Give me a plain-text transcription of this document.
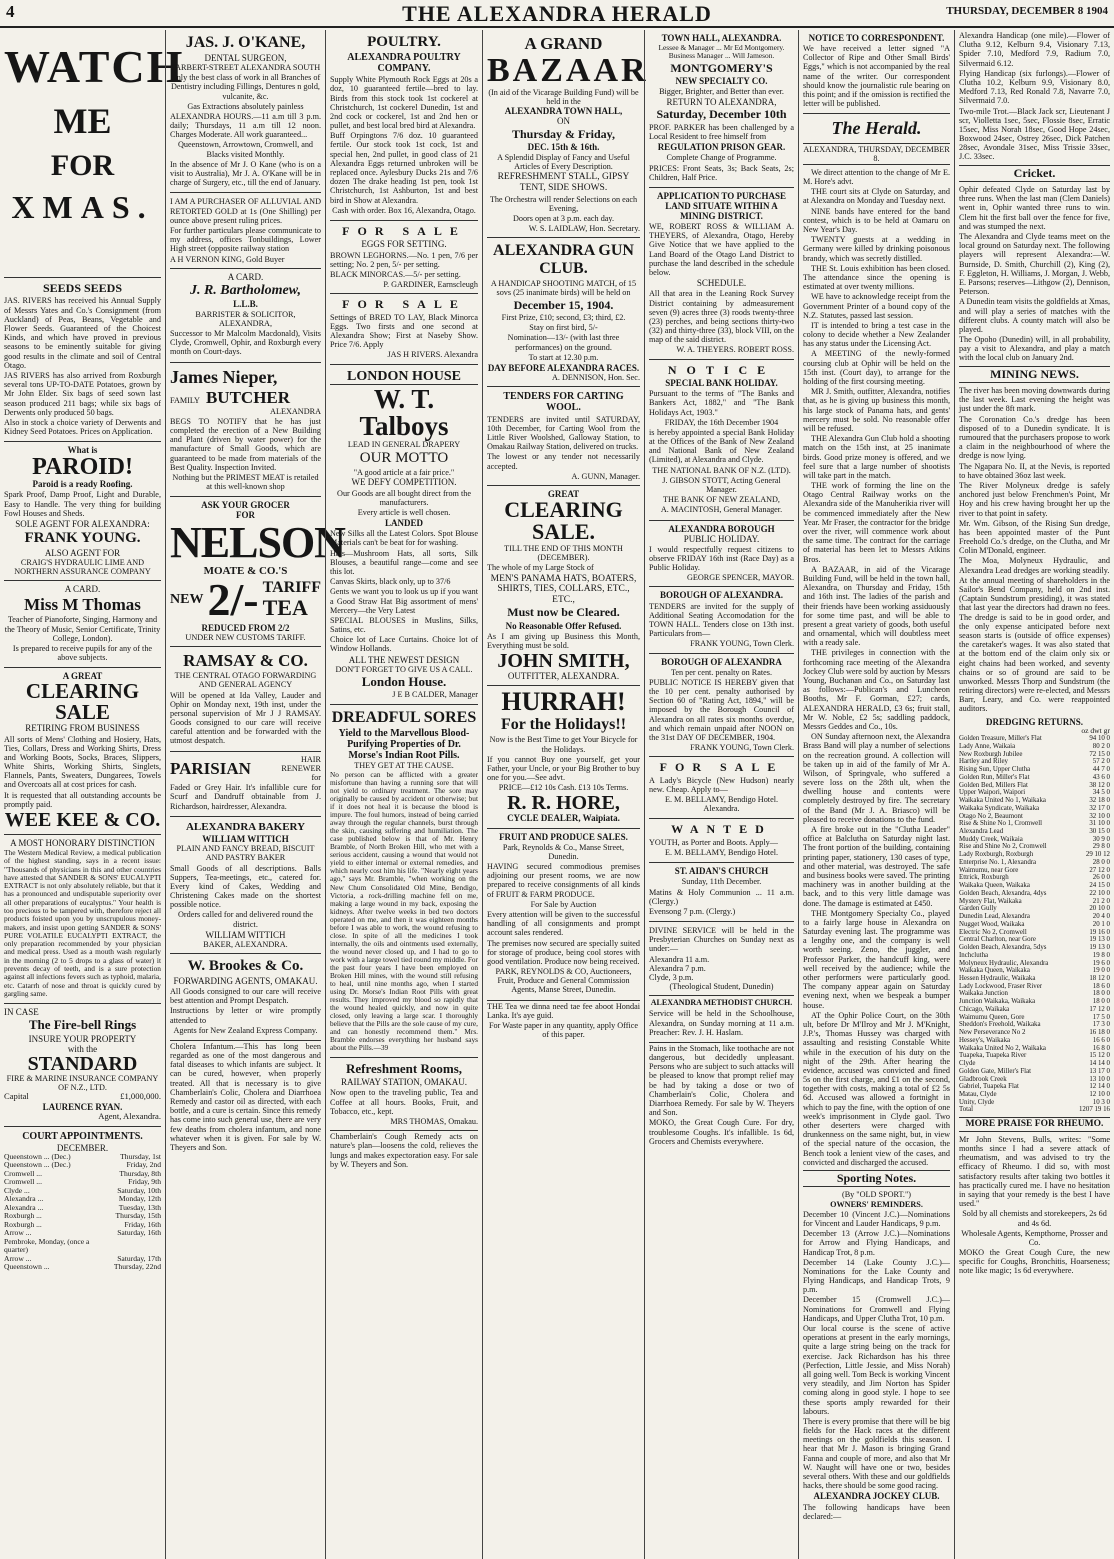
4	THE ALEXANDRA HERALD	THURSDAY, DECEMBER 8 1904
WATCH
ME
FOR
XMAS.
SEEDS SEEDS

JAS. RIVERS has received his Annual Supply of Messrs Yates and Co.'s Consignment (from Auckland) of Peas, Beans, Vegetable and Flower Seeds. Guaranteed of the Choicest Kinds, and which have proved in previous seasons to be eminently suitable for giving good results in the climate and soil of Central Otago.

JAS RIVERS has also arrived from Roxburgh several tons UP-TO-DATE Potatoes, grown by Mr John Elder. Six bags of seed sown last season produced 211 bags; while six bags of Derwents only produced 50 bags.

Also in stock a choice variety of Derwents and Kidney Seed Potatoes. Prices on Application.

What is
PAROID!
Paroid is a ready Roofing.

Spark Proof, Damp Proof, Light and Durable, Easy to Handle. The very thing for building Fowl Houses and Sheds.

SOLE AGENT FOR ALEXANDRA:
FRANK YOUNG.
ALSO AGENT FOR
CRAIG'S HYDRAULIC LIME AND NORTHERN ASSURANCE COMPANY
A CARD.
Miss M Thomas

Teacher of Pianoforte, Singing, Harmony and the Theory of Music, Senior Certificate, Trinity College, London).

Is prepared to receive pupils for any of the above subjects.

A GREAT
CLEARING SALE
RETIRING FROM BUSINESS

All sorts of Mens' Clothing and Hosiery, Hats, Ties, Collars, Dress and Working Shirts, Dress and Working Boots, Socks, Braces, Slippers, White Shirts, Working Shirts, Singlets, Flannels, Pants, Sweaters, Dungarees, Towels and Overcoats all at cost prices for cash.

It is requested that all outstanding accounts be promptly paid.

WEE KEE & CO.
A MOST HONORARY DISTINCTION

The Western Medical Review, a medical publication of the highest standing, says in a recent issue: "Thousands of physicians in this and other countries have attested that SANDER & SONS' EUCALYPTI EXTRACT is not only absolutely reliable, but that it has a pronounced and undisputable superiority over all other preparations of eucalyptus." Your health is too precious to be tampered with, therefore reject all products foisted upon you by unscrupulous money-makers, and insist upon getting SANDER & SONS' PURE VOLATILE EUCALYPTI EXTRACT, the only preparation recommended by your physician and medical press. Used as a mouth wash regularly in the morning (2 to 5 drops to a glass of water) it prevents decay of teeth, and is a sure protection against all infections fevers such as typhoid, malaria, etc. Catarrh of nose and throat is quickly cured by gargling same.

IN CASE
The Fire-bell Rings
INSURE YOUR PROPERTY
with the
STANDARD
FIRE & MARINE INSURANCE COMPANY OF N.Z., LTD.
Capital	£1,000,000.
LAURENCE RYAN.
Agent, Alexandra.
COURT APPOINTMENTS.
DECEMBER.
Queenstown ... (Dec.)	Thursday, 1st
Queenstown ... (Dec.)	Friday, 2nd
Cromwell ...	Thursday, 8th
Cromwell ...	Friday, 9th
Clyde ...	Saturday, 10th
Alexandra ...	Monday, 12th
Alexandra ...	Tuesday, 13th
Roxburgh ...	Thursday, 15th
Roxburgh ...	Friday, 16th
Arrow ...	Saturday, 16th
Pembroke, Monday, (once a quarter)	
Arrow ...	Saturday, 17th
Queenstown ...	Thursday, 22nd
JAS. J. O'KANE,
DENTAL SURGEON,
TARBERT-STREET ALEXANDRA SOUTH

Only the best class of work in all Branches of Dentistry including Fillings, Dentures n gold, vulcanite, &c.

Gas Extractions absolutely painless

ALEXANDRA HOURS.—11 a.m till 3 p.m. daily; Thursdays, 11 a.m till 12 noon. Charges Moderate. All work guaranteed...

Queenstown, Arrowtown, Cromwell, and Blacks visited Monthly.

In the absence of Mr J. O Kane (who is on a visit to Australia), Mr J. A. O'Kane will be in charge of Surgery, etc., till the end of January.

I AM A PURCHASER OF ALLUVIAL AND RETORTED GOLD at 1s (One Shilling) per ounce above present ruling prices.

For further particulars please communicate to my address, offices Tonbuildings, Lower High street (opposite railway station

A H VERNON KING, Gold Buyer
A CARD.
J. R. Bartholomew,
L.L.B.
BARRISTER & SOLICITOR, ALEXANDRA,

Successor to Mr Malcolm Macdonald), Visits Clyde, Cromwell, Ophir, and Roxburgh every month on Court-days.

James Nieper,
FAMILY BUTCHER
ALEXANDRA

BEGS TO NOTIFY that he has just completed the erection of a New Building and Plant (driven by water power) for the manufacture of Small Goods, which are guaranteed to be made from materials of the Best Quality. Inspection Invited.

Nothing but the PRIMEST MEAT is retailed at this well-known shop

ASK YOUR GROCER
FOR
NELSON
MOATE & CO.'S
NEW 2/- TARIFF
TEA
REDUCED FROM 2/2
UNDER NEW CUSTOMS TARIFF.
RAMSAY & CO.
THE CENTRAL OTAGO FORWARDING AND GENERAL AGENCY

Will be opened at Ida Valley, Lauder and Ophir on Monday next, 19th inst, under the personal supervision of Mr J J RAMSAY. Goods consigned to our care will receive careful attention and be forwarded with the utmost despatch.

PARISIAN	HAIR RENEWER for

Faded or Grey Hair. It's infallible cure for Scurf and Dandruff obtainable from J. Richardson, hairdresser, Alexandra.

ALEXANDRA BAKERY
WILLIAM WITTICH
PLAIN AND FANCY BREAD, BISCUIT AND PASTRY BAKER

Small Goods of all descriptions. Balls Suppers, Tea-meetings, etc., catered for. Every kind of Cakes, Wedding and Christening Cakes made on the shortest possible notice.

Orders called for and delivered round the district.

WILLIAM WITTICH
BAKER, ALEXANDRA.
W. Brookes & Co.
FORWARDING AGENTS, OMAKAU.

All Goods consigned to our care will receive best attention and Prompt Despatch.

Instructions by letter or wire promptly attended to

Agents for New Zealand Express Company.

Cholera Infantum.—This has long been regarded as one of the most dangerous and fatal diseases to which infants are subject. It can be cured, however, when properly treated. All that is necessary is to give Chamberlain's Colic, Cholera and Diarrhoea Remedy and castor oil as directed, with each bottle, and a cure is certain. Since this remedy has come into such general use, there are very few deaths from cholera infantum, and none whatever when it is given. For sale by W. Theyers and Son.

POULTRY.
ALEXANDRA POULTRY COMPANY.

Supply White Plymouth Rock Eggs at 20s a doz, 10 guaranteed fertile—bred to lay. Birds from this stock took 1st cockerel at Christchurch, 1st cockerel Dunedin, 1st and 2nd cock or cockerel, 1st and 2nd hen or pullet, and best local bred bird at Alexandra.

Buff Orpingtons 7/6 doz. 10 guaranteed fertile. Our stock took 1st cock, 1st and special hen, 2nd pullet, in good class of 21 Alexandra Eggs returned unbroken will be replaced once. Aylesbury Ducks 21s and 7/6 dozen The drake heading 1st pen, took 1st Christchurch, 1st Ashburton, 1st and best bird in Show at Alexandra.

Cash with order. Box 16, Alexandra, Otago.

FOR SALE
EGGS FOR SETTING.

BROWN LEGHORNS.—No. 1 pen, 7/6 per setting; No. 2 pen, 5/- per setting.

BLACK MINORCAS.—5/- per setting.

P. GARDINER, Earnscleugh
FOR SALE

Settings of BRED TO LAY, Black Minorca Eggs. Two firsts and one second at Alexandra Show; First at Naseby Show. Price 7/6. Apply

JAS H RIVERS. Alexandra
LONDON HOUSE
W. T. Talboys
LEAD IN GENERAL DRAPERY
OUR MOTTO
"A good article at a fair price."
WE DEFY COMPETITION.

Our Goods are all bought direct from the manufacturers.

Every article is well chosen.

LANDED

New Silks all the Latest Colors. Spot Blouse Materials can't be beat for for washing.

Hats—Mushroom Hats, all sorts, Silk Blouses, a beautiful range—come and see this lot.

Canvas Skirts, black only, up to 37/6

Gents we want you to look us up if you want a Good Straw Hat Big assortment of mens' Mercery—the Very Latest

SPECIAL BLOUSES in Muslins, Silks, Satins, etc.

Choice lot of Lace Curtains. Choice lot of Window Hollands.

ALL THE NEWEST DESIGN
DON'T FORGET TO GIVE US A CALL.
London House.
J E B CALDER, Manager
DREADFUL SORES
Yield to the Marvellous Blood-Purifying Properties of Dr. Morse's Indian Root Pills.
THEY GET AT THE CAUSE.

No person can be afflicted with a greater misfortune than having a running sore that will not yield to ordinary treatment. The sore may originally be caused by accident or otherwise; but if it does not heal it is because the blood is impure. The foul humors, instead of being carried away through the regular channels, burst through the skin, causing suffering and humiliation. The case published below is that of Mr. Henry Bramble, of North Broken Hill, who met with a serious accident, causing a wound that would not yield to either internal or external remedies, and which nearly cost him his life. "Nearly eight years ago," says Mr. Bramble, "when working on the New Chum Consolidated Old Mine, Bendigo, Victoria, a rock-drilling machine fell on me, making a large wound in my back, exposing the kidneys. After twelve weeks in bed two doctors operated on me, and then it was eighteen months before I was able to work, the wound refusing to close. In spite of all the medicines I took internally, the oils and ointments used externally, the wound never closed up, and I had to go to work with a large towel tied round my middle. For the past four years I have been employed on Broken Hill mines, with the wound still refusing to heal, until nine months ago, when I started using Dr. Morse's Indian Root Pills with great results. They improved my blood so rapidly that the wound healed quickly, and now in quite closed, only leaving a large scar. I thoroughly believe that the Pills are the sole cause of my cure, and can honestly recommend them." Mrs. Bramble endorses everything her husband says about the Pills.—39

Refreshment Rooms,
RAILWAY STATION, OMAKAU.

Now open to the traveling public, Tea and Coffee at all hours. Books, Fruit, and Tobacco, etc., kept.

MRS THOMAS, Omakau.

Chamberlain's Cough Remedy acts on nature's plan—loosens the cold, relieves the lungs and makes expectoration easy. For sale by W. Theyers and Son.

A GRAND
BAZAAR
(In aid of the Vicarage Building Fund) will be held in the
ALEXANDRA TOWN HALL,
ON
Thursday & Friday,
DEC. 15th & 16th.

A Splendid Display of Fancy and Useful Articles of Every Description.

REFRESHMENT STALL, GIPSY TENT, SIDE SHOWS.

The Orchestra will render Selections on each Evening,

Doors open at 3 p.m. each day.

W. S. LAIDLAW, Hon. Secretary.
ALEXANDRA GUN CLUB.

A HANDICAP SHOOTING MATCH, of 15 sovs (25 inanimate birds) will be held on

December 15, 1904.

First Prize, £10; second, £3; third, £2.

Stay on first bird, 5/-

Nomination—13/- (with last three performances) on the ground.

To start at 12.30 p.m.

DAY BEFORE ALEXANDRA RACES.
A. DENNISON, Hon. Sec.
TENDERS FOR CARTING WOOL.

TENDERS are invited until SATURDAY, 10th December, for Carting Wool from the Little River Woolshed, Galloway Station, to Omakau Railway Station, delivered on trucks.

The lowest or any tender not necessarily accepted.

A. GUNN, Manager.
GREAT
CLEARING SALE.

TILL THE END OF THIS MONTH (DECEMBER).

The whole of my Large Stock of

MEN'S PANAMA HATS, BOATERS, SHIRTS, TIES, COLLARS, ETC., ETC.,

Must now be Cleared.
No Reasonable Offer Refused.

As I am giving up Business this Month, Everything must be sold.

JOHN SMITH,
OUTFITTER, ALEXANDRA.
HURRAH!
For the Holidays!!

Now is the Best Time to get Your Bicycle for the Holidays.

If you cannot Buy one yourself, get your Father, your Uncle, or your Big Brother to buy one for you.—See advt.

PRICE—£12 10s Cash. £13 10s Terms.

R. R. HORE,
CYCLE DEALER, Waipiata.
FRUIT AND PRODUCE SALES.

Park, Reynolds & Co., Manse Street, Dunedin.

HAVING secured commodious premises adjoining our present rooms, we are now prepared to receive consignments of all kinds of FRUIT & FARM PRODUCE.

For Sale by Auction

Every attention will be given to the successful handling of all consignments and prompt account sales rendered.

The premises now secured are specially suited for storage of produce, being cool stores with good ventilation. Produce now being received.

PARK, REYNOLDS & CO, Auctioneers, Fruit, Produce and General Commission Agents, Manse Street, Dunedin.

THE Tea we dinna need tae fee aboot Hondai Lanka. It's aye guid.

For Waste paper in any quantity, apply Office of this paper.

TOWN HALL, ALEXANDRA.

Lessee & Manager ... Mr Ed Montgomery. Business Manager ... Will Jameson.

MONTGOMERY'S
NEW SPECIALTY CO.

Bigger, Brighter, and Better than ever.

RETURN TO ALEXANDRA,
Saturday, December 10th

PROF. PARKER has been challenged by a Local Resident to free himself from

REGULATION PRISON GEAR.

Complete Change of Programme.

PRICES: Front Seats, 3s; Back Seats, 2s; Children, Half Price.

APPLICATION TO PURCHASE LAND SITUATE WITHIN A MINING DISTRICT.

WE, ROBERT ROSS & WILLIAM A. THEYERS, of Alexandra, Otago, Hereby Give Notice that we have applied to the Land Board of the Otago Land District to purchase the land described in the schedule below.

SCHEDULE.

All that area in the Leaning Rock Survey District containing by admeasurement seven (9) acres three (3) roods twenty-three (23) perches, and being sections thirty-two (32) and thirty-three (33), block VIII, on the map of the said district.

W. A. THEYERS. ROBERT ROSS.
NOTICE
SPECIAL BANK HOLIDAY.

Pursuant to the terms of "The Banks and Bankers Act, 1882," and "The Bank Holidays Act, 1903."

FRIDAY, the 16th December 1904

is hereby appointed a special Bank Holiday at the Offices of the Bank of New Zealand and National Bank of New Zealand (Limited), at Alexandra and Clyde.

THE NATIONAL BANK OF N.Z. (LTD).

J. GIBSON STOTT, Acting General Manager.

THE BANK OF NEW ZEALAND,

A. MACINTOSH, General Manager.

ALEXANDRA BOROUGH
PUBLIC HOLIDAY.

I would respectfully request citizens to observe FRIDAY 16th inst (Race Day) as a Public Holiday.

GEORGE SPENCER, MAYOR.
BOROUGH OF ALEXANDRA.

TENDERS are invited for the supply of Additional Seating Accomodation for the TOWN HALL. Tenders close on 13th inst. Particulars from—

FRANK YOUNG, Town Clerk.
BOROUGH OF ALEXANDRA

Ten per cent. penalty on Rates.

PUBLIC NOTICE IS HEREBY given that the 10 per cent. penalty authorised by Section 60 of "Rating Act, 1894," will be imposed by the Borough Council of Alexandra on all rates six months overdue, and which remain unpaid after NOON on the 31st DAY OF DECEMBER, 1904.

FRANK YOUNG, Town Clerk.
FOR SALE

A Lady's Bicycle (New Hudson) nearly new. Cheap. Apply to—

E. M. BELLAMY, Bendigo Hotel. Alexandra.

WANTED

YOUTH, as Porter and Boots. Apply—

E. M. BELLAMY, Bendigo Hotel.

ST. AIDAN'S CHURCH

Sunday, 11th December.

Matins & Holy Communion ... 11 a.m. (Clergy.)

Evensong 7 p.m. (Clergy.)

DIVINE SERVICE will be held in the Presbyterian Churches on Sunday next as under:—

Alexandra 11 a.m.
Alexandra 7 p.m.
Clyde, 3 p.m.
(Theological Student, Dunedin)
ALEXANDRA METHODIST CHURCH.

Service will be held in the Schoolhouse, Alexandra, on Sunday morning at 11 a.m. Preacher: Rev. J. H. Haslam.

Pains in the Stomach, like toothache are not dangerous, but decidedly unpleasant. Persons who are subject to such attacks will be pleased to know that prompt relief may be had by taking a dose or two of Chamberlain's Colic, Cholera and Diarrhoea Remedy. For sale by W. Theyers and Son.

MOKO, the Great Cough Cure. For dry, troublesome Coughs. It's infallible. 1s 6d, Grocers and Chemists everywhere.

NOTICE TO CORRESPONDENT.

We have received a letter signed "A Collector of Ripe and Other Small Birds' Eggs," which is not accompanied by the real name of the writer. Our correspondent should know the journalistic rule bearing on this point; and if the omission is rectified the letter will be published.

The Herald.
ALEXANDRA, THURSDAY, DECEMBER 8.

We direct attention to the change of Mr E. M. Hore's advt.

THE court sits at Clyde on Saturday, and at Alexandra on Monday and Tuesday next.

NINE bands have entered for the band contest, which is to be held at Oamaru on New Year's Day.

TWENTY guests at a wedding in Germany were killed by drinking poisonous brandy, which was secretly distilled.

THE St. Louis exhibition has been closed. The attendance since the opening is estimated at over twenty millions.

WE have to acknowledge receipt from the Government Printer of a bound copy of the N.Z. Statutes, passed last session.

IT is intended to bring a test case in the colony to decide whether a New Zealander has any status under the Licensing Act.

A MEETING of the newly-formed coursing club at Ophir will be held on the 15th inst. (Court day), to arrange for the holding of the first coursing meeting.

MR J. Smith, outfitter, Alexandra, notifies that, as he is giving up business this month, his large stock of Panama hats, and gents' mercery must be sold. No reasonable offer will be refused.

THE Alexandra Gun Club hold a shooting match on the 15th inst, at 25 inanimate birds. Good prize money is offered, and we feel sure that a large number of shootists will take part in the match.

THE work of forming the line on the Otago Central Railway works on the Alexandra side of the Manuherikia river will be commenced immediately after the New Year. Mr Fraser, the contractor for the bridge over the river, will commence work about the same time. The contract for the carriage of material has been let to Messrs Atkins Bros.

A BAZAAR, in aid of the Vicarage Building Fund, will be held in the town hall, Alexandra, on Thursday and Friday, 15th and 16th inst. The ladies of the parish and their friends have been working assiduously for some time past, and will be able to present a great variety of goods, both useful and ornamental, which will doubtless meet with a ready sale.

THE privileges in connection with the forthcoming race meeting of the Alexandra Jockey Club were sold by auction by Messrs Young, Buchanan and Co., on Saturday last as follows:—Publican's and Luncheon Booths, Mr F. Gorman, £27; cards, ALEXANDRA HERALD, £3 6s; fruit stall, Mr W. Noble, £2 5s; saddling paddock, Messrs Geddes and Co., 10s.

ON Sunday afternoon next, the Alexandra Brass Band will play a number of selections on the recreation ground. A collection will be taken up in aid of the family of Mr A. Wilson, of Springvale, who suffered a severe loss on the 28th ult, when the dwelling house and contents were completely destroyed by fire. The secretary of the Band (Mr J. A. Briasco) will be pleased to receive donations to the fund.

A fire broke out in the "Clutha Leader" office at Balclutha on Saturday night last. The front portion of the building, containing printing paper, stationery, 130 cases of type, and other material, was destroyed. The safe and business books were saved. The printing machinery was in another building at the back, and to this very little damage was done. The damage is estimated at £450.

THE Montgomery Specialty Co., played to a fairly large house in Alexandra on Saturday evening last. The programme was a lengthy one, and the company is well worth seeing. Zeno, the juggler, and Professor Parker, the handcuff king, were well received by the audience; while the other performers were particularly good. The company appear again on Saturday evening next, when we bespeak a bumper house.

AT the Ophir Police Court, on the 30th ult, before Dr M'Ilroy and Mr J. M'Knight, J.P.'s, Thomas Hussey was charged with assaulting and resisting Constable White while in the execution of his duty on the night of the 29th. After hearing the evidence, accused was convicted and fined 5s on the first charge, and £1 on the second, together with costs, making a total of £2 5s 6d. Accused was allowed a fortnight in which to pay the fine, with the option of one week's imprisonment in Clyde gaol. Two other deserters were charged with drunkenness on the same night, but, in view of the special nature of the occasion, the Bench took a lenient view of the cases, and convicted and discharged the accused.

Sporting Notes.
(By "OLD SPORT.")
OWNERS' REMINDERS.

December 10 (Vincent J.C.)—Nominations for Vincent and Lauder Handicaps, 9 p.m.

December 13 (Arrow J.C.)—Nominations for Arrow and Flying Handicaps, and Handicap Trot, 8 p.m.

December 14 (Lake County J.C.)—Nominations for the Lake County and Flying Handicaps, and Handicap Trots, 9 p.m.

December 15 (Cromwell J.C.)—Nominations for Cromwell and Flying Handicaps, and Upper Clutha Trot, 10 p.m.

Our local course is the scene of active operations at present in the early mornings, quite a large string being on the track for exercise. Jack Richardson has his three (Perfection, Little Jessie, and Miss Norah) all going well. Tom Beck is working Vincent very steadily, and Jim Norton has Spider coming along in good style. I hope to see these sports amply rewarded for their labours.

There is every promise that there will be big fields for the Hack races at the different meetings on the goldfields this season. I hear that Mr J. Mason is bringing Grand Fanna and couple of more, and also that Mr W. Naught will have one or two, besides several others. With these and our goldfields hacks, there should be some good racing.

ALEXANDRA JOCKEY CLUB.

The following handicaps have been declared:—

Alexandra Handicap (one mile).—Flower of Clutha 9.12, Kelburn 9.4, Visionary 7.13, Spider 7.10, Medford 7.9, Radium 7.0, Silvermaid 6.12.

Flying Handicap (six furlongs).—Flower of Clutha 10.2, Kelburn 9.9, Visionary 8.0, Medford 7.13, Red Ronald 7.8, Navarre 7.0, Silvermaid 7.0.

Two-mile Trot.—Black Jack scr, Lieutenant J scr, Violletta 1sec, 5sec, Flossie 8sec, Erratic 15sec, Miss Norah 18sec, Good Hope 24sec, Boxwood 24sec, Ostrey 26sec, Dick Patchen 28sec, Avondale 31sec, Miss Trissie 33sec, J.C. 33sec.

Cricket.

Ophir defeated Clyde on Saturday last by three runs. When the last man (Clem Daniels) went in, Ophir wanted three runs to win. Clem hit the first ball over the fence for five, and was stumped the next.

The Alexandra and Clyde teams meet on the local ground on Saturday next. The following players will represent Alexandra:—W. Burnside, D. Smith, Churchill (2), King (2), F. Eggleton, H. Williams, J. Morgan, J. Webb, E. Parsons; reserves—Lithgow (2), Dennison, Peterson.

A Dunedin team visits the goldfields at Xmas, and will play a series of matches with the different clubs. A county match will also be played.

The Opoho (Dunedin) will, in all probability, pay a visit to Alexandra, and play a match with the local club on January 2nd.

MINING NEWS.

The river has been moving downwards during the last week. Last evening the height was just under the 8ft mark.

The Coronation Co.'s dredge has been disposed of to a Dunedin syndicate. It is rumoured that the purchasers propose to work a claim in the neighbourhood of where the dredge is now lying.

The Ngapara No. II, at the Nevis, is reported to have obtained 36oz last week.

The River Molyneux dredge is safely anchored just below Frenchmen's Point, Mr Hoy and his crew having brought her up the river to that point in safety.

Mr. Wm. Gibson, of the Rising Sun dredge, has been appointed master of the Punt Freehold Co.'s dredge, on the Clutha, and Mr Colin M'Donald, engineer.

The Moa, Molyneux Hydraulic, and Alexandra Lead dredges are working steadily.

At the annual meeting of shareholders in the Sailor's Bend Company, held on 2nd inst. (Captain Sundstrum presiding), it was stated that last year the directors had drawn no fees. The dredge is said to be in good order, and the only expense anticipated before next season starts is (outside of office expenses) the caretaker's wages. It was also stated that at the bottom end of the claim only six or eight chains had been worked, and seventy chains or so of ground are said to be unworked. Messrs Thorp and Sundstrum (the retiring directors) were re-elected, and Messrs Barr, Leary, and Co. were reappointed auditors.

DREDGING RETURNS.
oz dwt gr
Golden Treasure, Miller's Flat	94 10 0
Lady Anne, Waikaia	80 2 0
New Roxburgh Jubilee	72 15 0
Hartley and Riley	57 2 0
Rising Sun, Upper Clutha	44 7 0
Golden Run, Miller's Flat	43 6 0
Golden Bed, Millers Flat	38 12 0
Upper Waipori, Waipori	34 5 0
Waikaka United No 1, Waikaka	32 18 0
Waikaka Syndicate, Waikaka	32 17 0
Otago No 2, Beaumont	32 10 0
Rise & Shine No 1, Cromwell	31 10 0
Alexandra Lead	30 15 0
Muddy Creek, Waikaia	30 9 0
Rise and Shine No 2, Cromwell	29 8 0
Lady Roxburgh, Roxburgh	29 10 12
Enterprise No. 1, Alexandra	28 0 0
Waimumu, near Gore	27 12 0
Ettrick, Roxburgh	26 0 0
Waikaka Queen, Waikaka	24 15 0
Golden Beach, Alexandra, 4dys	22 10 0
Mystery Flat, Waikaka	21 2 0
Garden Gully	20 10 0
Dunedin Lead, Alexandra	20 4 0
Nugget Wood, Waikaka	20 1 0
Electric No 2, Cromwell	19 16 0
Central Charlton, near Gore	19 13 0
Golden Beach, Alexandra, 5dys	19 13 0
Inchclutha	19 8 0
Molyneux Hydraulic, Alexandra	19 6 0
Waikaka Queen, Waikaka	19 0 0
Hessen Hydraulic, Waikaka	18 12 0
Lady Lockwood, Fraser River	18 6 0
Waikaka Junction	18 0 0
Junction Waikaka, Waikaka	18 0 0
Chicago, Waikaka	17 12 0
Waimumu Queen, Gore	17 5 0
Sheddon's Freehold, Waikaka	17 3 0
New Perseverance No 2	16 18 0
Hessey's, Waikaka	16 6 0
Waikaka United No 2, Waikaka	16 8 0
Tuapeka, Tuapeka River	15 12 0
Clyde	14 14 0
Golden Gate, Miller's Flat	13 17 0
Gladbrook Creek	13 10 0
Gabriel, Tuapeka Flat	12 14 0
Matau, Clyde	12 10 0
Unity, Clyde	10 3 0
Total	1207 19 16
MORE PRAISE FOR RHEUMO.

Mr John Stevens, Bulls, writes: "Some months since I had a severe attack of rheumatism, and was advised to try the efficacy of Rheumo. I did so, with most satisfactory results after taking two bottles it has practically cured me. I have no hesitation in saying that your remedy is the best I have used."

Sold by all chemists and storekeepers, 2s 6d and 4s 6d.

Wholesale Agents, Kempthorne, Prosser and Co.

MOKO the Great Cough Cure, the new specific for Coughs, Bronchitis, Hoarseness; note like magic; 1s 6d everywhere.
